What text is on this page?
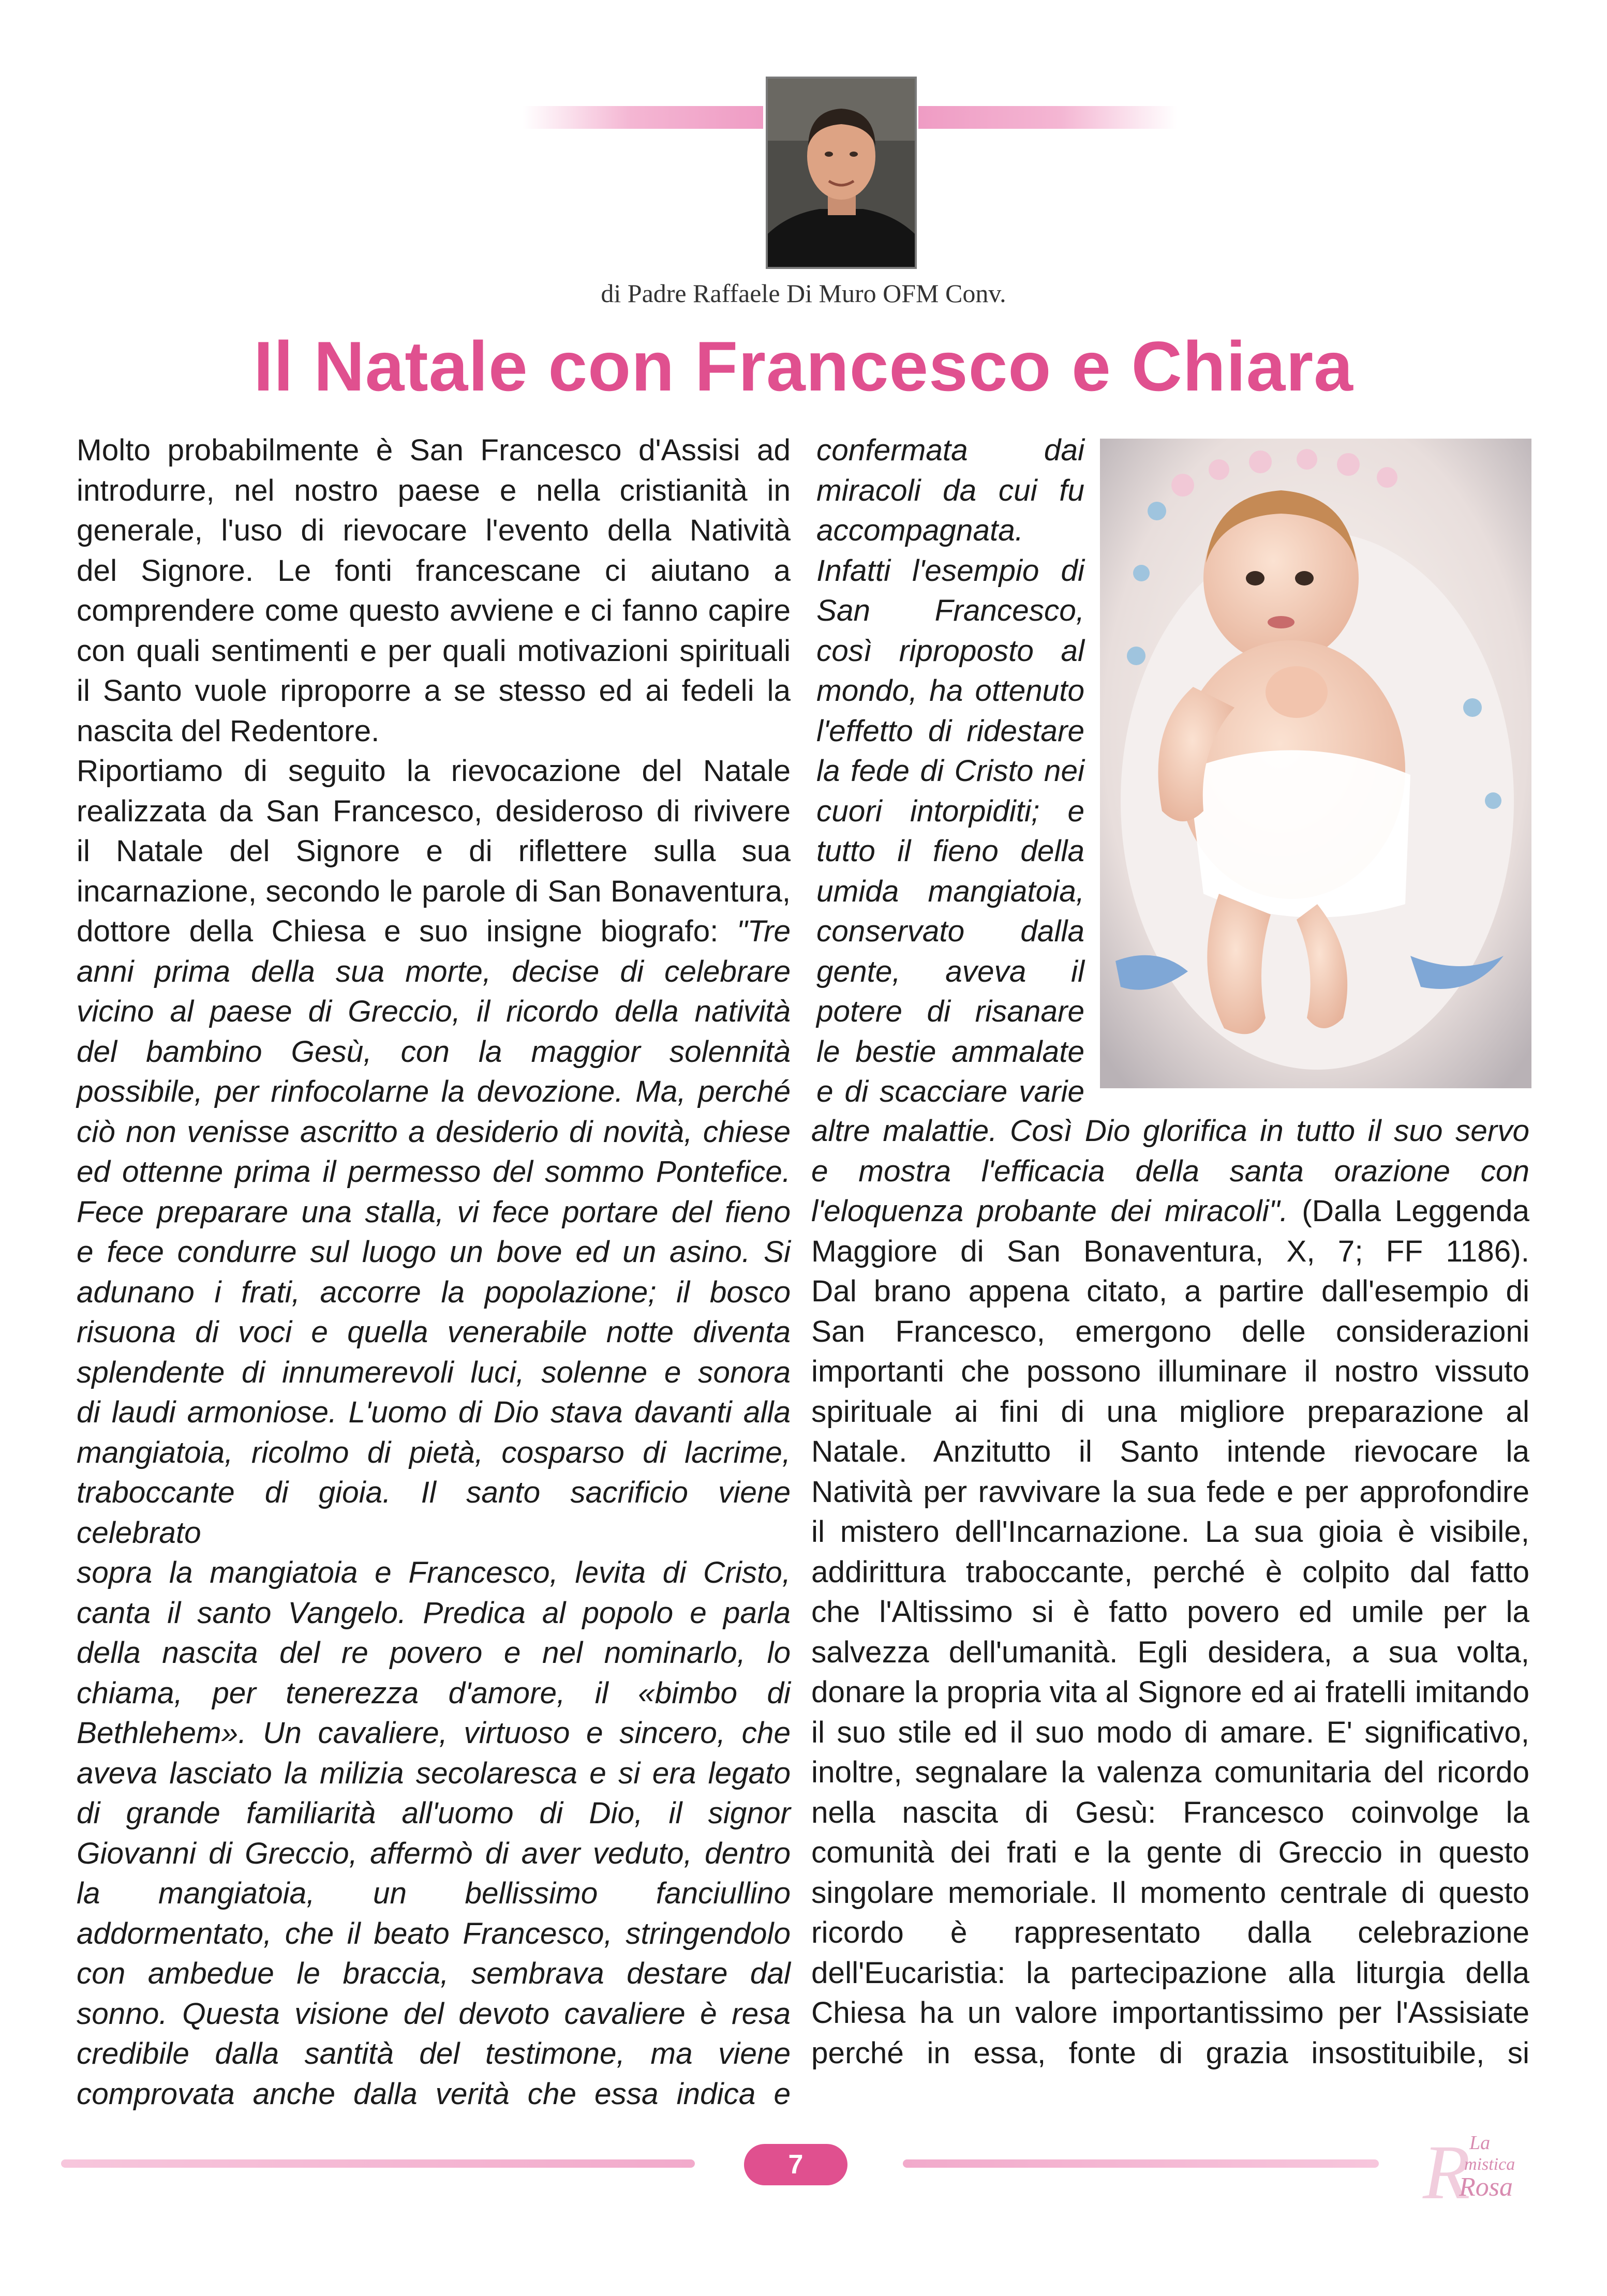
di Padre Raffaele Di Muro OFM Conv.
Il Natale con Francesco e Chiara

Molto probabilmente è San Francesco d'Assisi ad

introdurre, nel nostro paese e nella cristianità in

generale, l'uso di rievocare l'evento della Natività

del Signore. Le fonti francescane ci aiutano a

comprendere come questo avviene e ci fanno capire

con quali sentimenti e per quali motivazioni spirituali

il Santo vuole riproporre a se stesso ed ai fedeli la

nascita del Redentore.

Riportiamo di seguito la rievocazione del Natale

realizzata da San Francesco, desideroso di rivivere

il Natale del Signore e di riflettere sulla sua

incarnazione, secondo le parole di San Bonaventura,

dottore della Chiesa e suo insigne biografo: "Tre

anni prima della sua morte, decise di celebrare

vicino al paese di Greccio, il ricordo della natività

del bambino Gesù, con la maggior solennità

possibile, per rinfocolarne la devozione. Ma, perché

ciò non venisse ascritto a desiderio di novità, chiese

ed ottenne prima il permesso del sommo Pontefice.

Fece preparare una stalla, vi fece portare del fieno

e fece condurre sul luogo un bove ed un asino. Si

adunano i frati, accorre la popolazione; il bosco

risuona di voci e quella venerabile notte diventa

splendente di innumerevoli luci, solenne e sonora

di laudi armoniose. L'uomo di Dio stava davanti alla

mangiatoia, ricolmo di pietà, cosparso di lacrime,

traboccante di gioia. Il santo sacrificio viene celebrato

sopra la mangiatoia e Francesco, levita di Cristo,

canta il santo Vangelo. Predica al popolo e parla

della nascita del re povero e nel nominarlo, lo

chiama, per tenerezza d'amore, il «bimbo di

Bethlehem». Un cavaliere, virtuoso e sincero, che

aveva lasciato la milizia secolaresca e si era legato

di grande familiarità all'uomo di Dio, il signor

Giovanni di Greccio, affermò di aver veduto, dentro

la mangiatoia, un bellissimo fanciullino

addormentato, che il beato Francesco, stringendolo

con ambedue le braccia, sembrava destare dal

sonno. Questa visione del devoto cavaliere è resa

credibile dalla santità del testimone, ma viene

comprovata anche dalla verità che essa indica e

confermata dai

miracoli da cui fu

accompagnata.

Infatti l'esempio di

San Francesco,

così riproposto al

mondo, ha ottenuto

l'effetto di ridestare

la fede di Cristo nei

cuori intorpiditi; e

tutto il fieno della

umida mangiatoia,

conservato dalla

gente, aveva il

potere di risanare

le bestie ammalate

e di scacciare varie

altre malattie. Così Dio glorifica in tutto il suo servo

e mostra l'efficacia della santa orazione con

l'eloquenza probante dei miracoli". (Dalla Leggenda

Maggiore di San Bonaventura, X, 7; FF 1186).

Dal brano appena citato, a partire dall'esempio di

San Francesco, emergono delle considerazioni

importanti che possono illuminare il nostro vissuto

spirituale ai fini di una migliore preparazione al

Natale. Anzitutto il Santo intende rievocare la

Natività per ravvivare la sua fede e per approfondire

il mistero dell'Incarnazione. La sua gioia è visibile,

addirittura traboccante, perché è colpito dal fatto

che l'Altissimo si è fatto povero ed umile per la

salvezza dell'umanità. Egli desidera, a sua volta,

donare la propria vita al Signore ed ai fratelli imitando

il suo stile ed il suo modo di amare. E' significativo,

inoltre, segnalare la valenza comunitaria del ricordo

nella nascita di Gesù: Francesco coinvolge la

comunità dei frati e la gente di Greccio in questo

singolare memoriale. Il momento centrale di questo

ricordo è rappresentato dalla celebrazione

dell'Eucaristia: la partecipazione alla liturgia della

Chiesa ha un valore importantissimo per l'Assisiate

perché in essa, fonte di grazia insostituibile, si

7	R
La
mistica
Rosa
